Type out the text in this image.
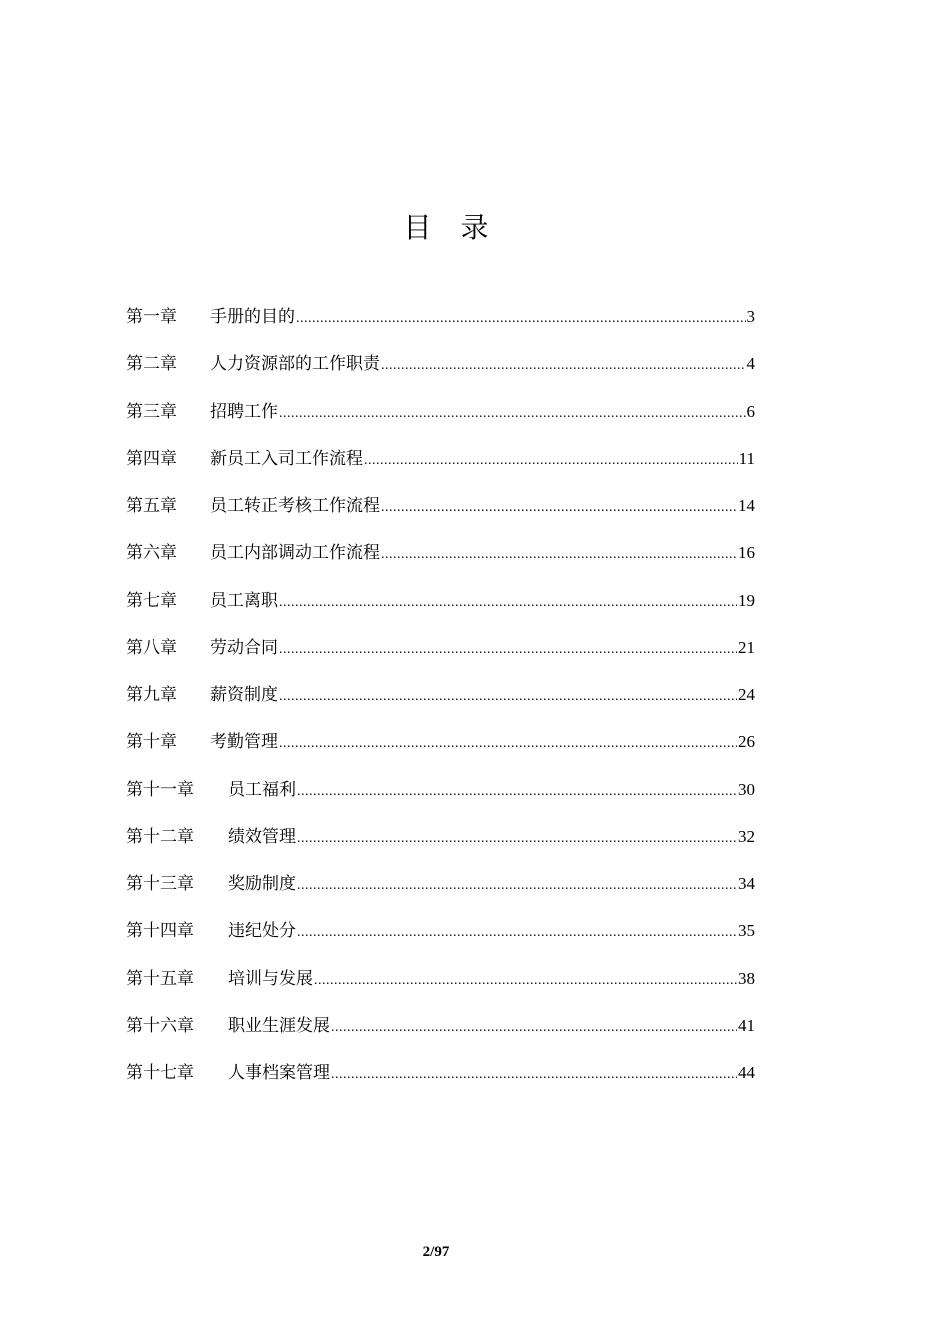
目 录
第一章	手册的目的 .....	3
第二章	人力资源部的工作职责 .....	4
第三章	招聘工作 .....	6
第四章	新员工入司工作流程 .....	11
第五章	员工转正考核工作流程 .....	14
第六章	员工内部调动工作流程 .....	16
第七章	员工离职 .....	19
第八章	劳动合同 .....	21
第九章	薪资制度 .....	24
第十章	考勤管理 .....	26
第十一章	员工福利 .....	30
第十二章	绩效管理 .....	32
第十三章	奖励制度 .....	34
第十四章	违纪处分 .....	35
第十五章	培训与发展 .....	38
第十六章	职业生涯发展 .....	41
第十七章	人事档案管理 .....	44
2/97
